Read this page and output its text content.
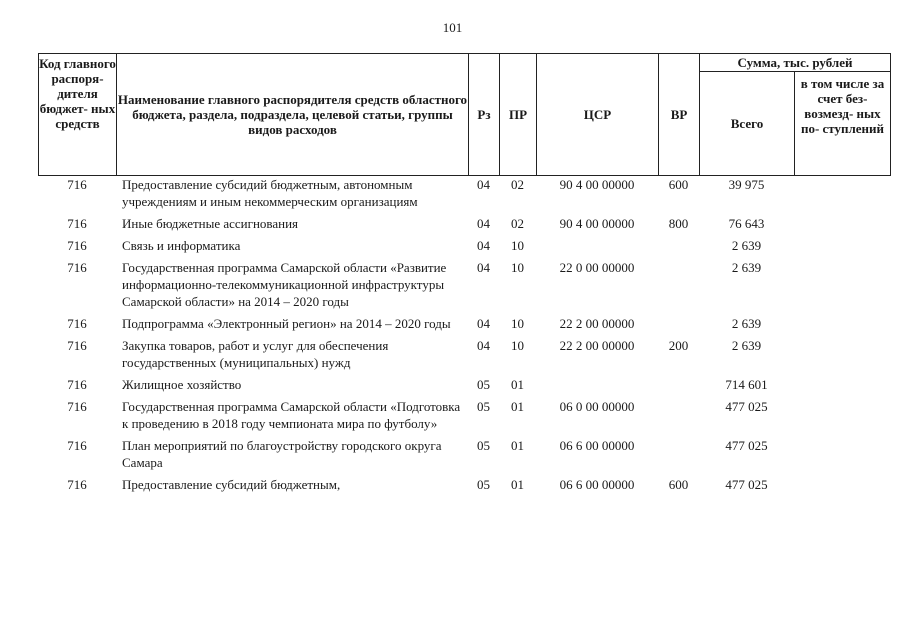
101
Код главного распоря- дителя бюджет- ных средств	Наименование главного распорядителя средств областного бюджета, раздела, подраздела, целевой статьи, группы видов расходов	Рз	ПР	ЦСР	ВР	Сумма, тыс. рублей	
						Всего	в том числе за счет без- возмезд- ных по- ступлений
716	Предоставление субсидий бюджетным, автономным учреждениям и иным некоммерческим организациям	04	02	90 4 00 00000	600	39 975	
716	Иные бюджетные ассигнования	04	02	90 4 00 00000	800	76 643	
716	Связь и информатика	04	10			2 639	
716	Государственная программа Самарской области «Развитие информационно-телекоммуникационной инфраструктуры Самарской области» на 2014 – 2020 годы	04	10	22 0 00 00000		2 639	
716	Подпрограмма «Электронный регион» на 2014 – 2020 годы	04	10	22 2 00 00000		2 639	
716	Закупка товаров, работ и услуг для обеспечения государственных (муниципальных) нужд	04	10	22 2 00 00000	200	2 639	
716	Жилищное хозяйство	05	01			714 601	
716	Государственная программа Самарской области «Подготовка к проведению в 2018 году чемпионата мира по футболу»	05	01	06 0 00 00000		477 025	
716	План мероприятий по благоустройству городского округа Самара	05	01	06 6 00 00000		477 025	
716	Предоставление субсидий бюджетным,	05	01	06 6 00 00000	600	477 025	
